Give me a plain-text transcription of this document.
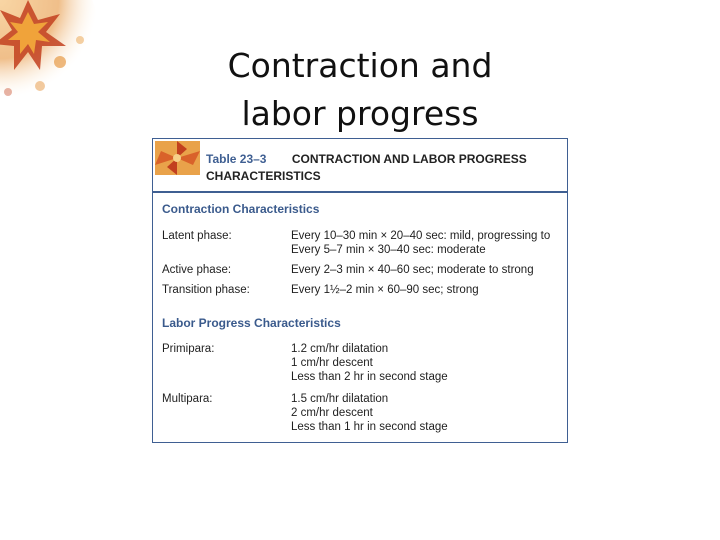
Contraction and
labor progress
Table 23–3 CONTRACTION AND LABOR PROGRESS
CHARACTERISTICS
Contraction Characteristics
Latent phase:	Every 10–30 min × 20–40 sec: mild, progressing to
Every 5–7 min × 30–40 sec: moderate
Active phase:	Every 2–3 min × 40–60 sec; moderate to strong
Transition phase:	Every 1½–2 min × 60–90 sec; strong
Labor Progress Characteristics
Primipara:	1.2 cm/hr dilatation
1 cm/hr descent
Less than 2 hr in second stage
Multipara:	1.5 cm/hr dilatation
2 cm/hr descent
Less than 1 hr in second stage
